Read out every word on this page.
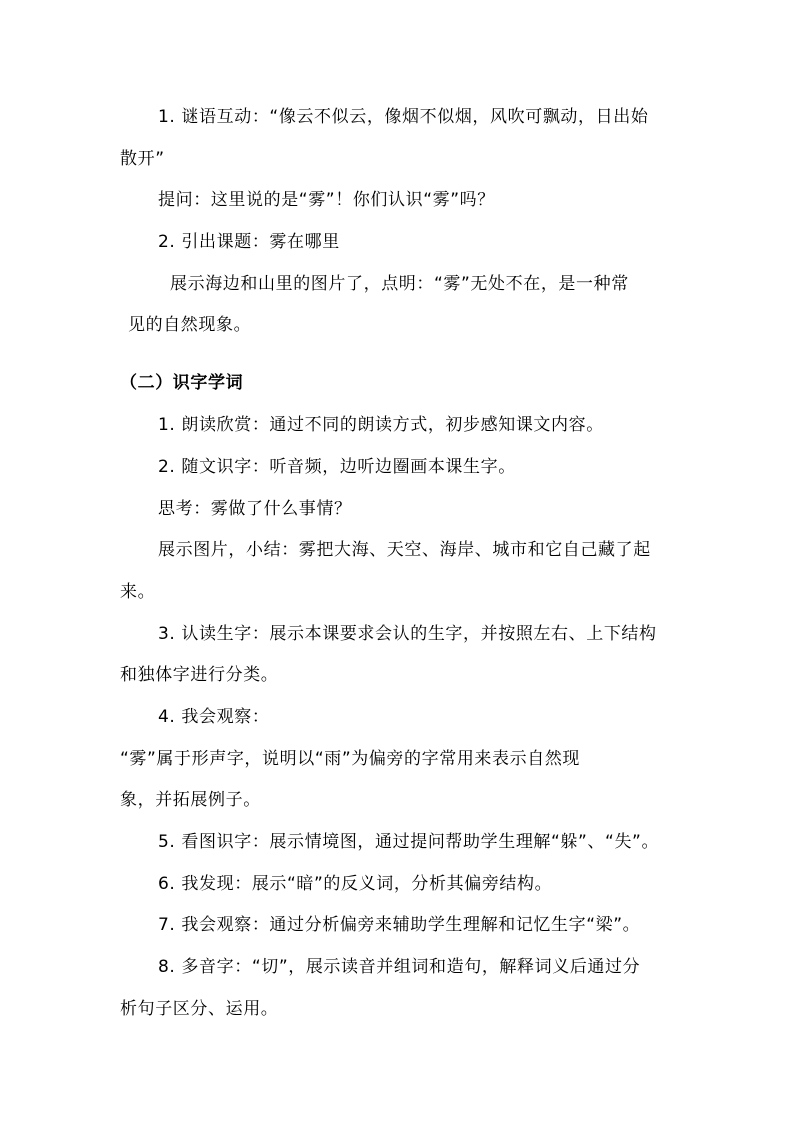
1. 谜语互动：“像云不似云，像烟不似烟，风吹可飘动，日出始
散开”
提问：这里说的是“雾”！你们认识“雾”吗？
2. 引出课题：雾在哪里
展示海边和山里的图片了，点明：“雾”无处不在，是一种常
见的自然现象。
（二）识字学词
1. 朗读欣赏：通过不同的朗读方式，初步感知课文内容。
2. 随文识字：听音频，边听边圈画本课生字。
思考：雾做了什么事情？
展示图片，小结：雾把大海、天空、海岸、城市和它自己藏了起
来。
3. 认读生字：展示本课要求会认的生字，并按照左右、上下结构
和独体字进行分类。
4. 我会观察：
“雾”属于形声字，说明以“雨”为偏旁的字常用来表示自然现
象，并拓展例子。
5. 看图识字：展示情境图，通过提问帮助学生理解“躲”、“失”。
6. 我发现：展示“暗”的反义词，分析其偏旁结构。
7. 我会观察：通过分析偏旁来辅助学生理解和记忆生字“梁”。
8. 多音字：“切”，展示读音并组词和造句，解释词义后通过分
析句子区分、运用。
